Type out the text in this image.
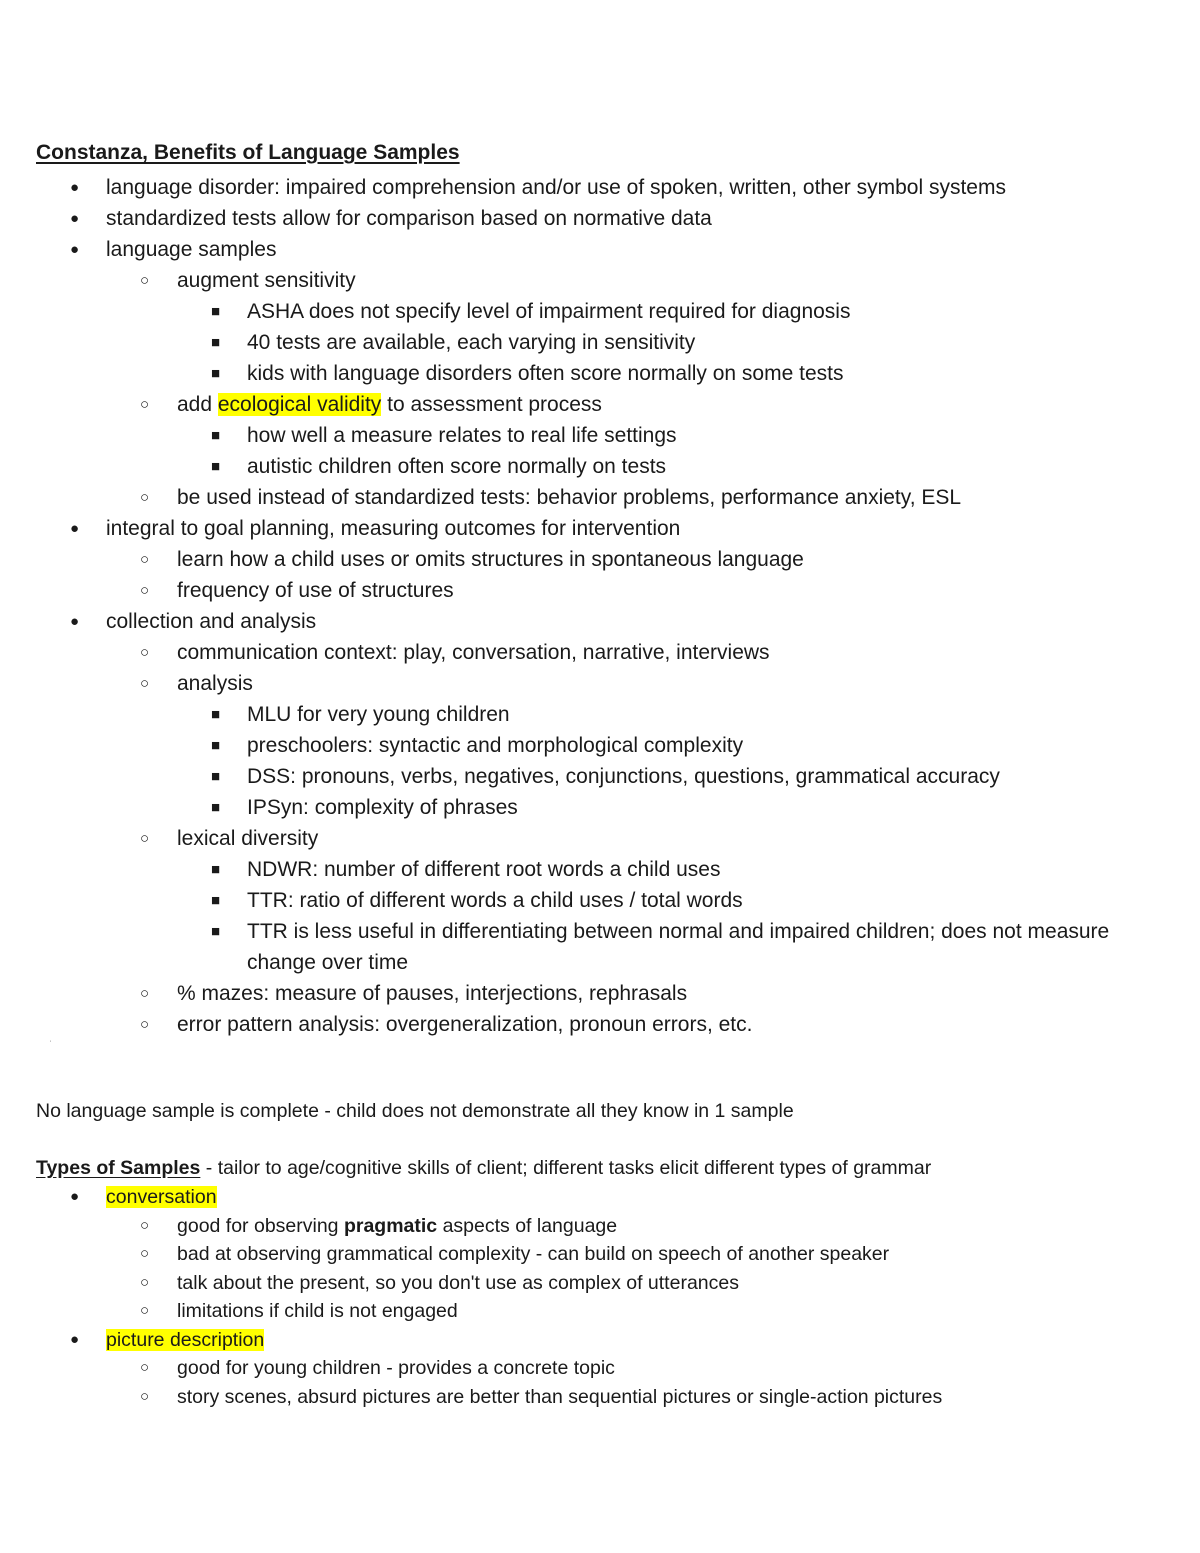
Constanza, Benefits of Language Samples
● language disorder: impaired comprehension and/or use of spoken, written, other symbol systems
● standardized tests allow for comparison based on normative data
● language samples
○ augment sensitivity
■ ASHA does not specify level of impairment required for diagnosis
■ 40 tests are available, each varying in sensitivity
■ kids with language disorders often score normally on some tests
○ add ecological validity to assessment process
■ how well a measure relates to real life settings
■ autistic children often score normally on tests
○ be used instead of standardized tests: behavior problems, performance anxiety, ESL
● integral to goal planning, measuring outcomes for intervention
○ learn how a child uses or omits structures in spontaneous language
○ frequency of use of structures
● collection and analysis
○ communication context: play, conversation, narrative, interviews
○ analysis
■ MLU for very young children
■ preschoolers: syntactic and morphological complexity
■ DSS: pronouns, verbs, negatives, conjunctions, questions, grammatical accuracy
■ IPSyn: complexity of phrases
○ lexical diversity
■ NDWR: number of different root words a child uses
■ TTR: ratio of different words a child uses / total words
■ TTR is less useful in differentiating between normal and impaired children; does not measure change over time
○ % mazes: measure of pauses, interjections, rephrasals
○ error pattern analysis: overgeneralization, pronoun errors, etc.
ˈ
No language sample is complete - child does not demonstrate all they know in 1 sample
Types of Samples - tailor to age/cognitive skills of client; different tasks elicit different types of grammar
● conversation
○ good for observing pragmatic aspects of language
○ bad at observing grammatical complexity - can build on speech of another speaker
○ talk about the present, so you don't use as complex of utterances
○ limitations if child is not engaged
● picture description
○ good for young children - provides a concrete topic
○ story scenes, absurd pictures are better than sequential pictures or single-action pictures
